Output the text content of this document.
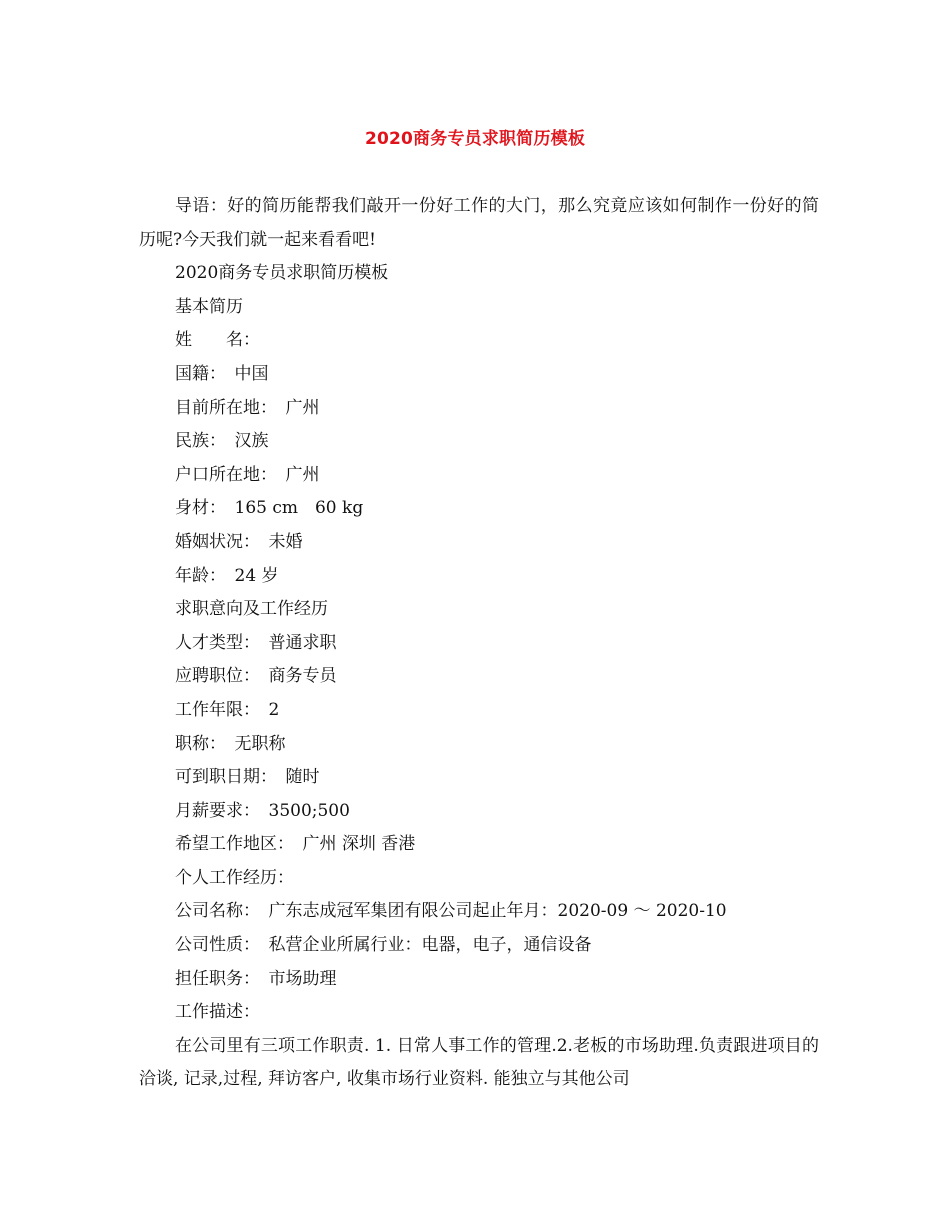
2020商务专员求职简历模板

导语：好的简历能帮我们敲开一份好工作的大门，那么究竟应该如何制作一份好的简历呢?今天我们就一起来看看吧!

2020商务专员求职简历模板

基本简历

姓　　名：

国籍：　中国

目前所在地：　广州

民族：　汉族

户口所在地：　广州

身材：　165 cm　60 kg

婚姻状况：　未婚

年龄：　24 岁

求职意向及工作经历

人才类型：　普通求职

应聘职位：　商务专员

工作年限：　2

职称：　无职称

可到职日期：　随时

月薪要求：　3500;500

希望工作地区：　广州 深圳 香港

个人工作经历：

公司名称：　广东志成冠军集团有限公司起止年月：2020-09 ～ 2020-10

公司性质：　私营企业所属行业：电器，电子，通信设备

担任职务：　市场助理

工作描述：

在公司里有三项工作职责. 1. 日常人事工作的管理.2.老板的市场助理.负责跟进项目的洽谈, 记录,过程, 拜访客户, 收集市场行业资料. 能独立与其他公司
